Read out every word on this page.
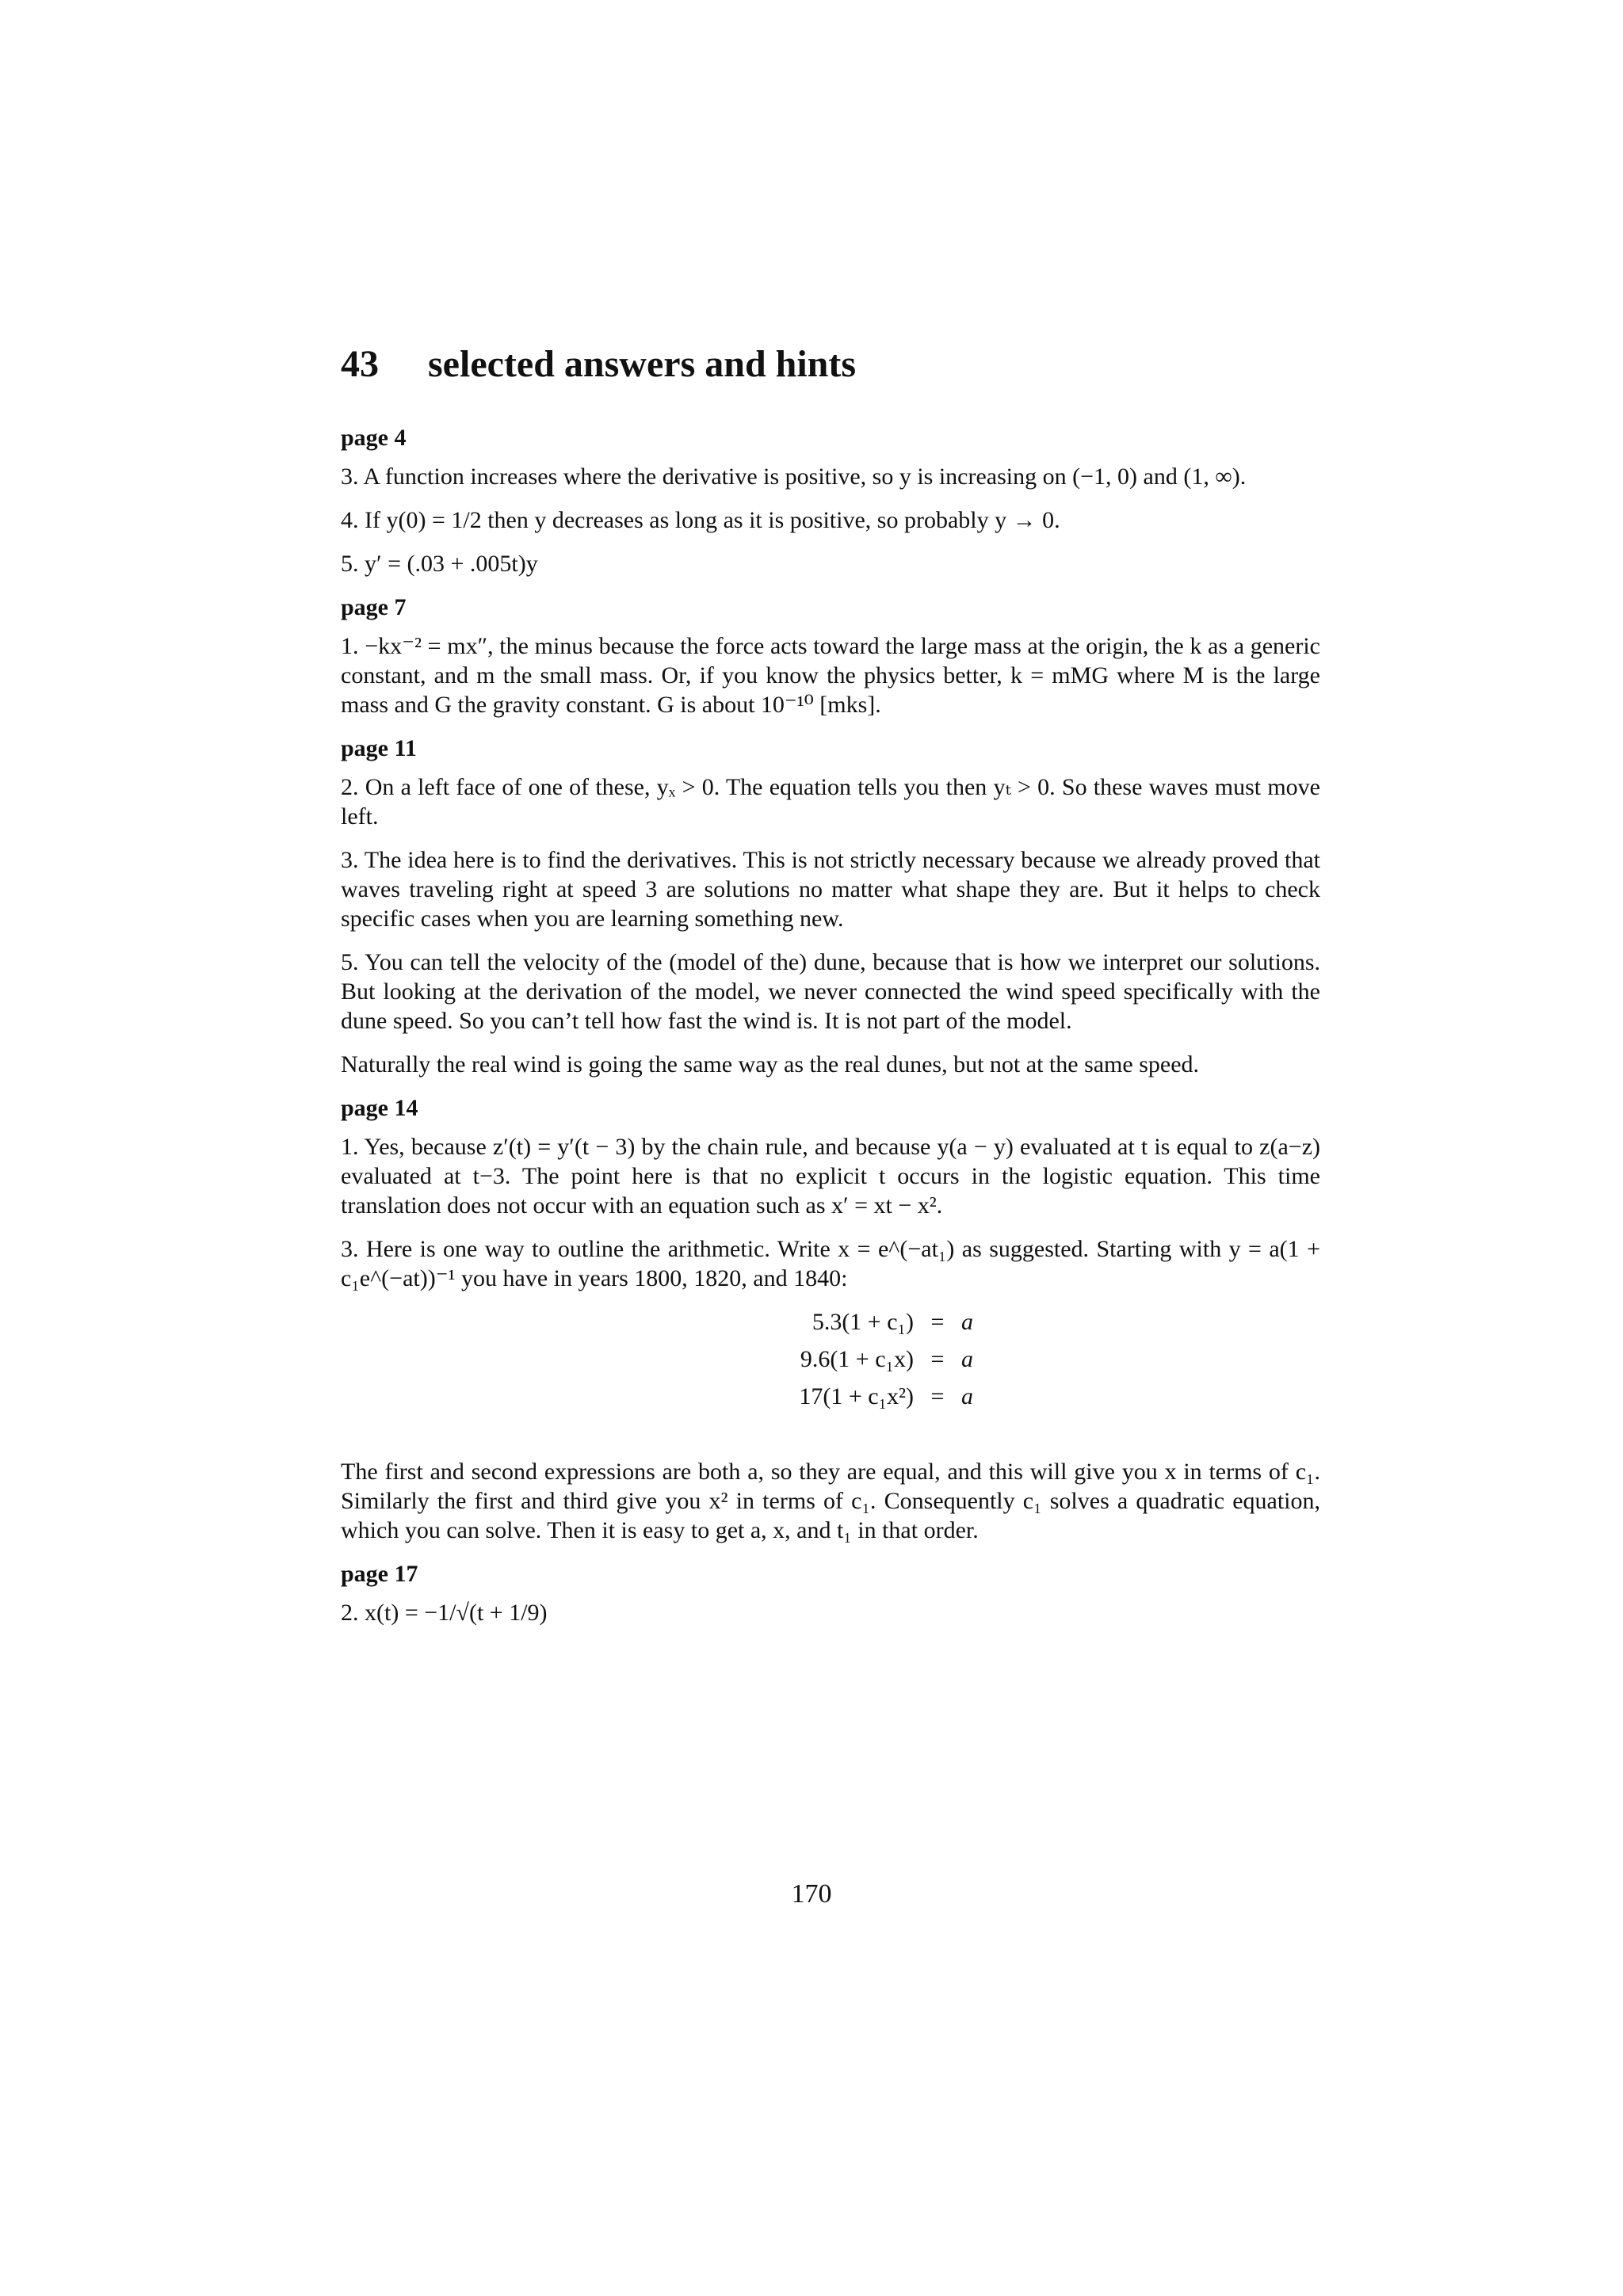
43	selected answers and hints
page 4

3. A function increases where the derivative is positive, so y is increasing on (−1, 0) and (1, ∞).

4. If y(0) = 1/2 then y decreases as long as it is positive, so probably y → 0.

5. y′ = (.03 + .005t)y

page 7

1. −kx⁻² = mx″, the minus because the force acts toward the large mass at the origin, the k as a generic constant, and m the small mass. Or, if you know the physics better, k = mMG where M is the large mass and G the gravity constant. G is about 10⁻¹⁰ [mks].

page 11

2. On a left face of one of these, yₓ > 0. The equation tells you then yₜ > 0. So these waves must move left.

3. The idea here is to find the derivatives. This is not strictly necessary because we already proved that waves traveling right at speed 3 are solutions no matter what shape they are. But it helps to check specific cases when you are learning something new.

5. You can tell the velocity of the (model of the) dune, because that is how we interpret our solutions. But looking at the derivation of the model, we never connected the wind speed specifically with the dune speed. So you can’t tell how fast the wind is. It is not part of the model.

Naturally the real wind is going the same way as the real dunes, but not at the same speed.

page 14

1. Yes, because z′(t) = y′(t − 3) by the chain rule, and because y(a − y) evaluated at t is equal to z(a−z) evaluated at t−3. The point here is that no explicit t occurs in the logistic equation. This time translation does not occur with an equation such as x′ = xt − x².

3. Here is one way to outline the arithmetic. Write x = e^(−at₁) as suggested. Starting with y = a(1 + c₁e^(−at))⁻¹ you have in years 1800, 1820, and 1840:

5.3(1 + c₁) = a
9.6(1 + c₁x) = a
17(1 + c₁x²) = a

The first and second expressions are both a, so they are equal, and this will give you x in terms of c₁. Similarly the first and third give you x² in terms of c₁. Consequently c₁ solves a quadratic equation, which you can solve. Then it is easy to get a, x, and t₁ in that order.

page 17

2. x(t) = −1/√(t + 1/9)

170
